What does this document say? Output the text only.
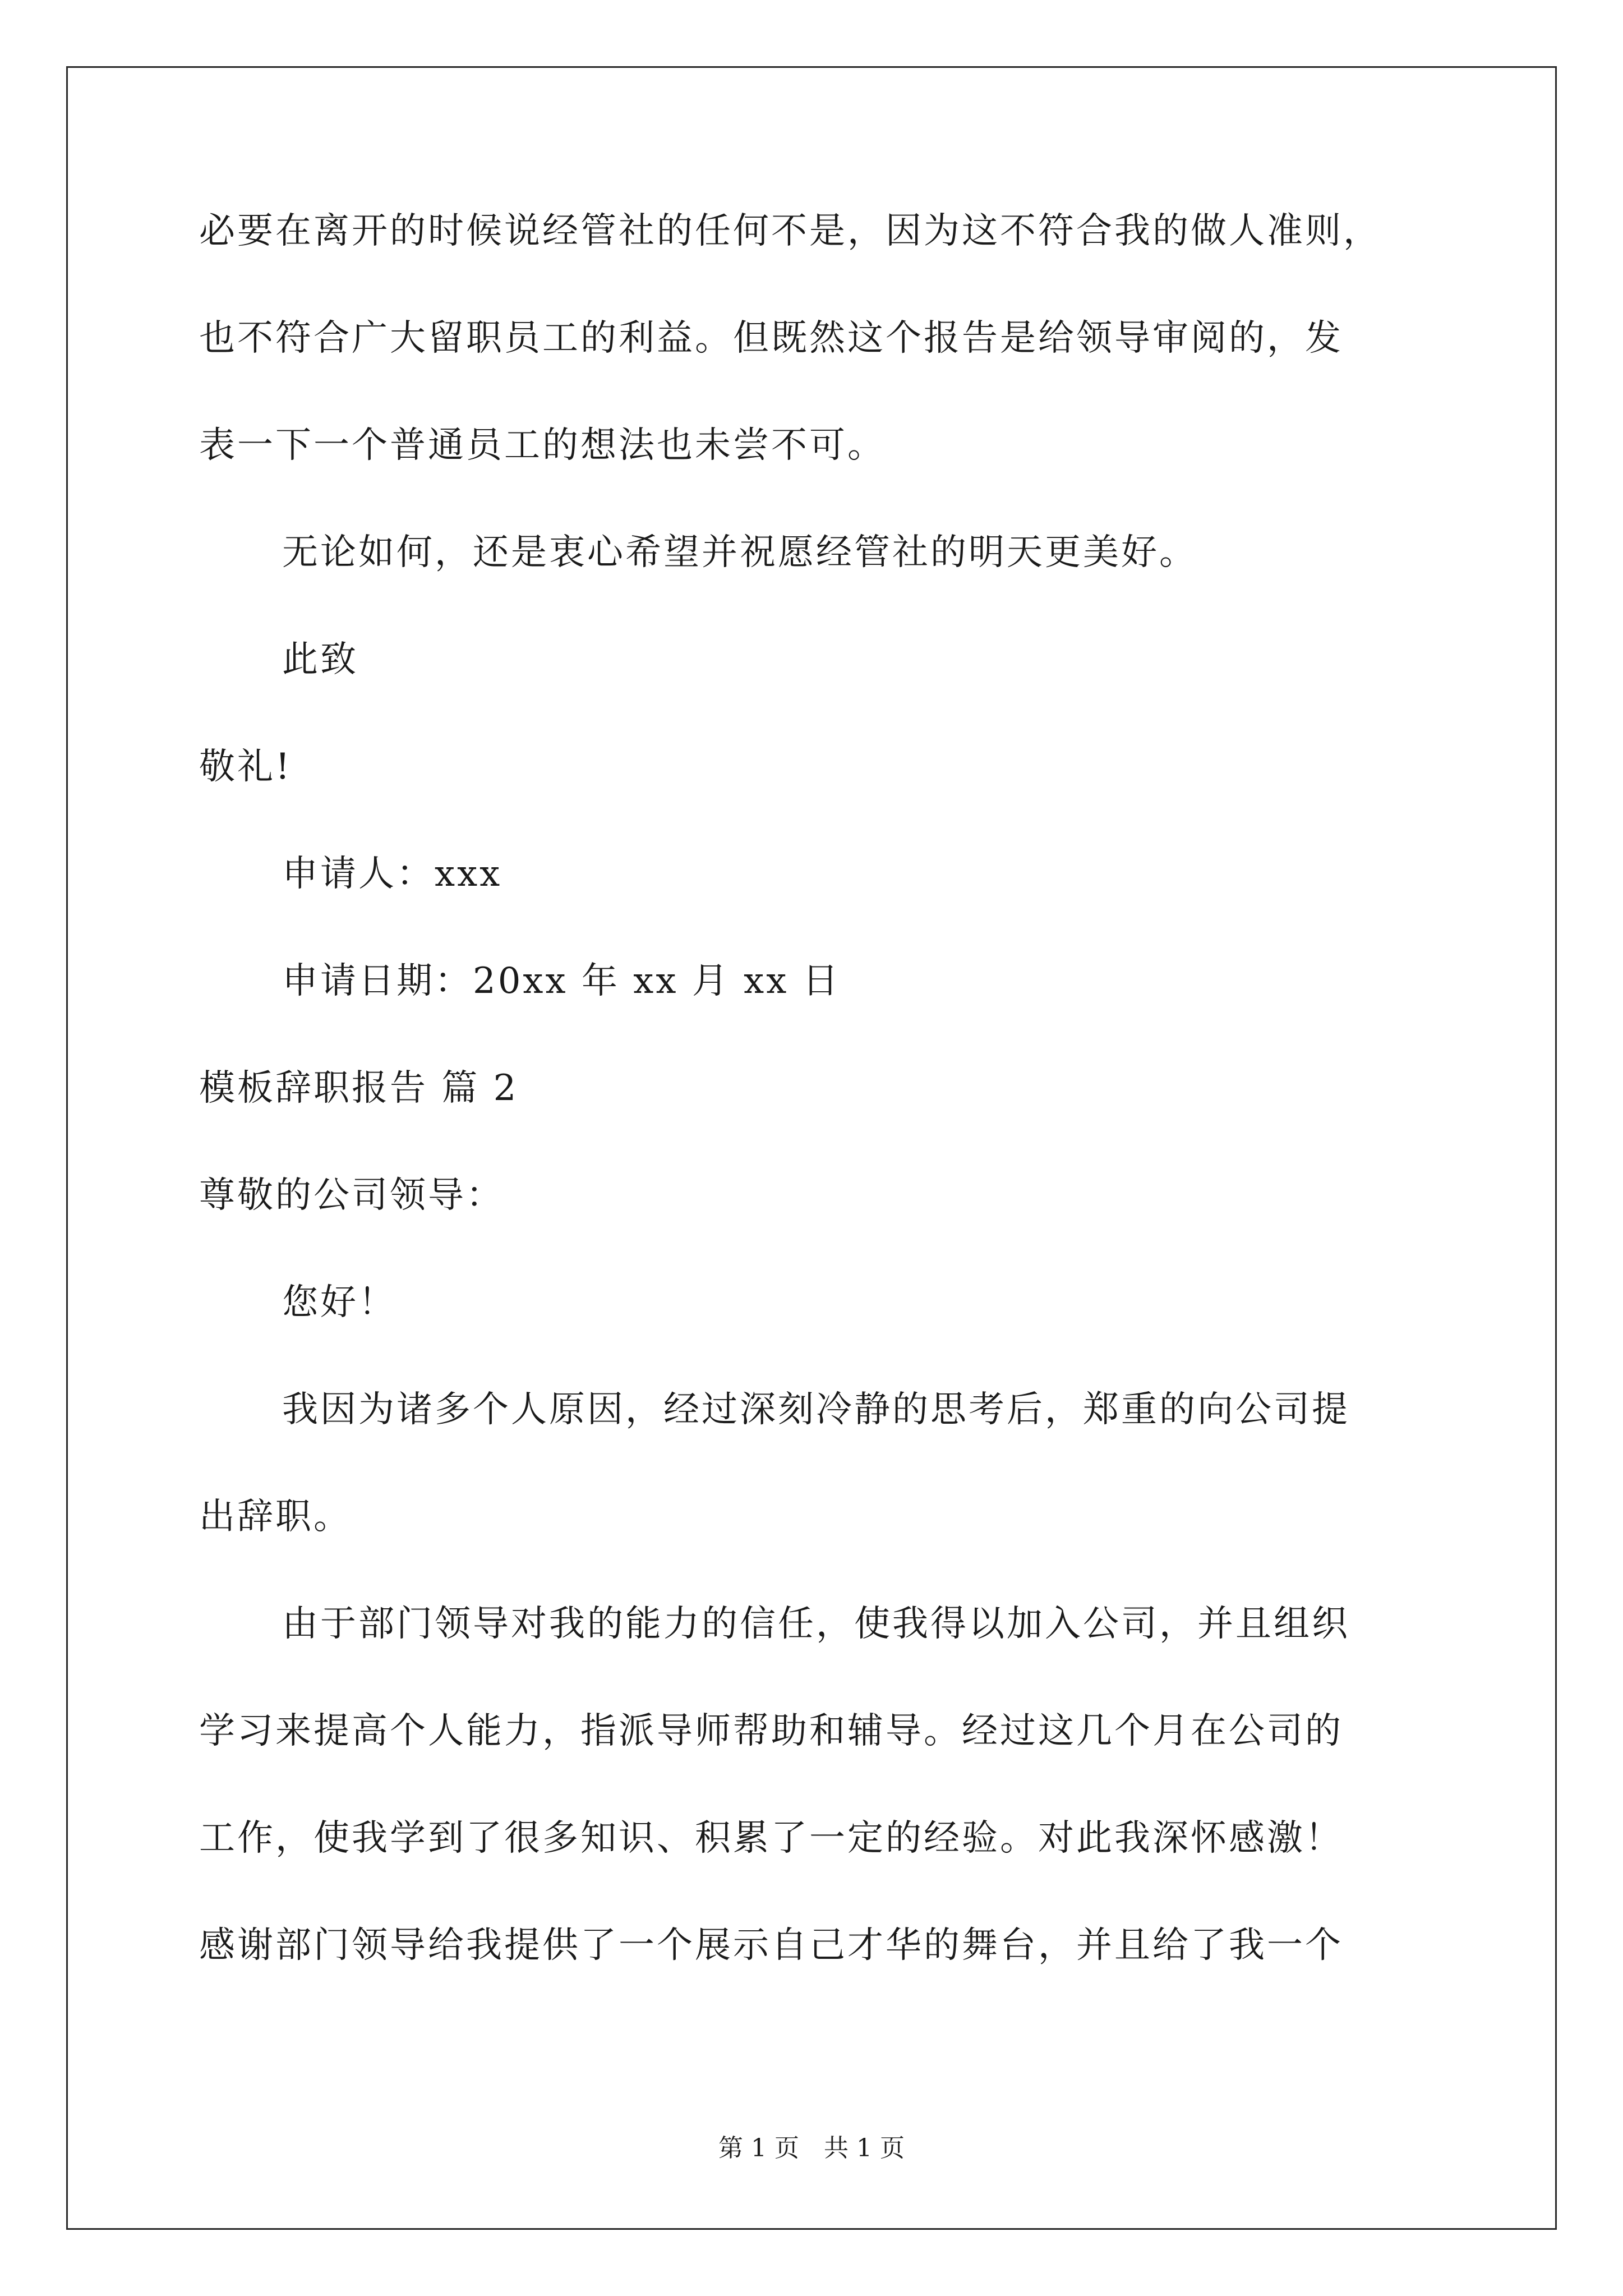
必要在离开的时候说经管社的任何不是，因为这不符合我的做人准则，
也不符合广大留职员工的利益。但既然这个报告是给领导审阅的，发
表一下一个普通员工的想法也未尝不可。
无论如何，还是衷心希望并祝愿经管社的明天更美好。
此致
敬礼!
申请人：xxx
申请日期：20xx 年 xx 月 xx 日
模板辞职报告 篇 2
尊敬的公司领导：
您好！
我因为诸多个人原因，经过深刻冷静的思考后，郑重的向公司提
出辞职。
由于部门领导对我的能力的信任，使我得以加入公司，并且组织
学习来提高个人能力，指派导师帮助和辅导。经过这几个月在公司的
工作，使我学到了很多知识、积累了一定的经验。对此我深怀感激！
感谢部门领导给我提供了一个展示自己才华的舞台，并且给了我一个
第 1 页 共 1 页
